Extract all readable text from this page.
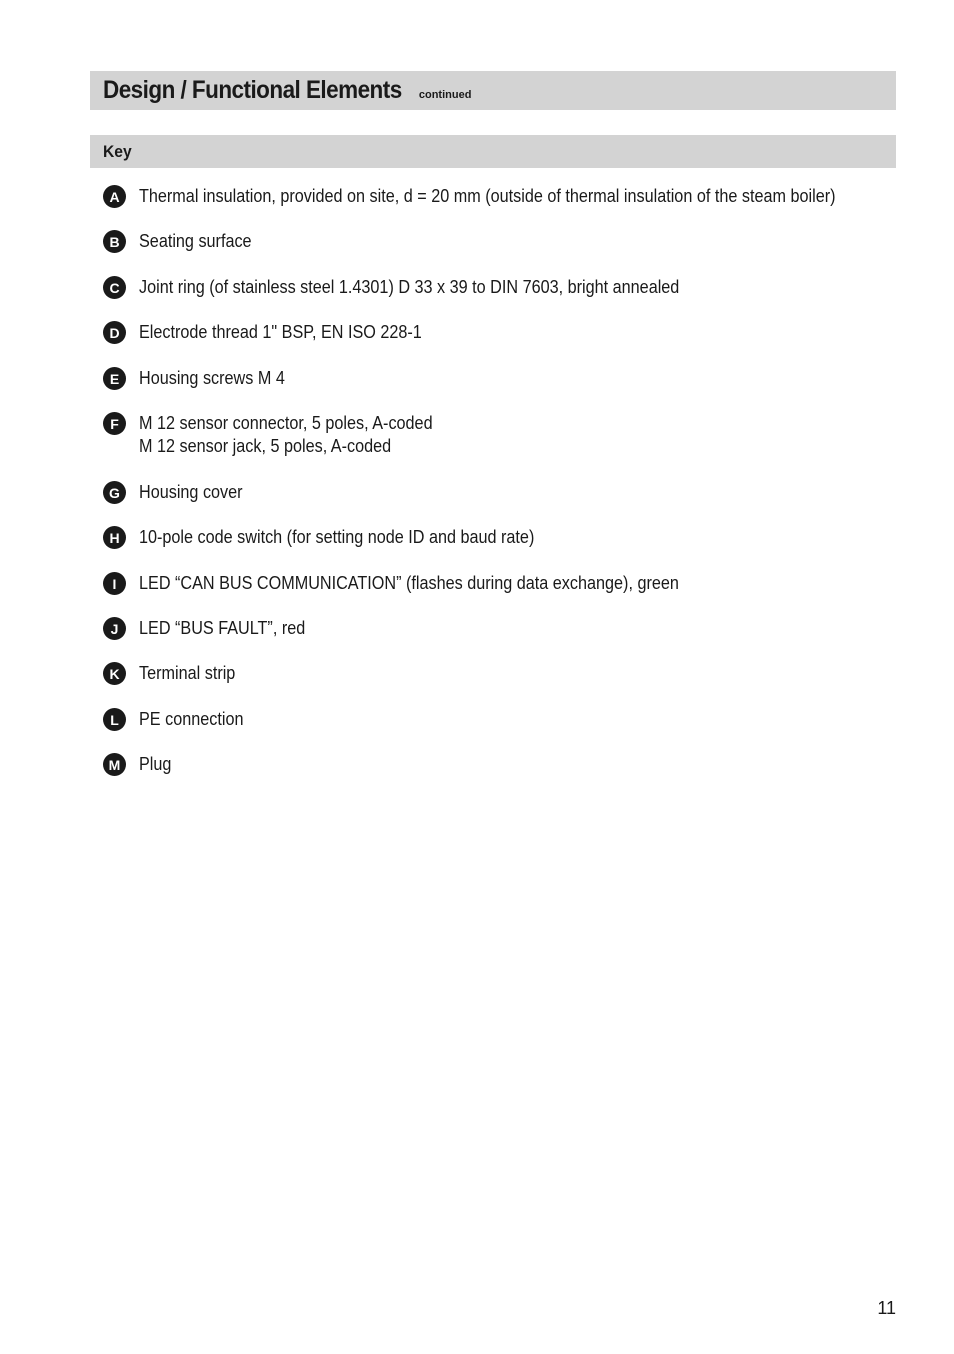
Design / Functional Elements continued
Key
A	Thermal insulation, provided on site, d = 20 mm (outside of thermal insulation of the steam boiler)
B	Seating surface
C	Joint ring (of stainless steel 1.4301) D 33 x 39 to DIN 7603, bright annealed
D	Electrode thread 1" BSP, EN ISO 228-1
E	Housing screws M 4
F	M 12 sensor connector, 5 poles, A-coded
M 12 sensor jack, 5 poles, A-coded
G	Housing cover
H	10-pole code switch (for setting node ID and baud rate)
I	LED “CAN BUS COMMUNICATION” (flashes during data exchange), green
J	LED “BUS FAULT”, red
K	Terminal strip
L	PE connection
M	Plug
11
